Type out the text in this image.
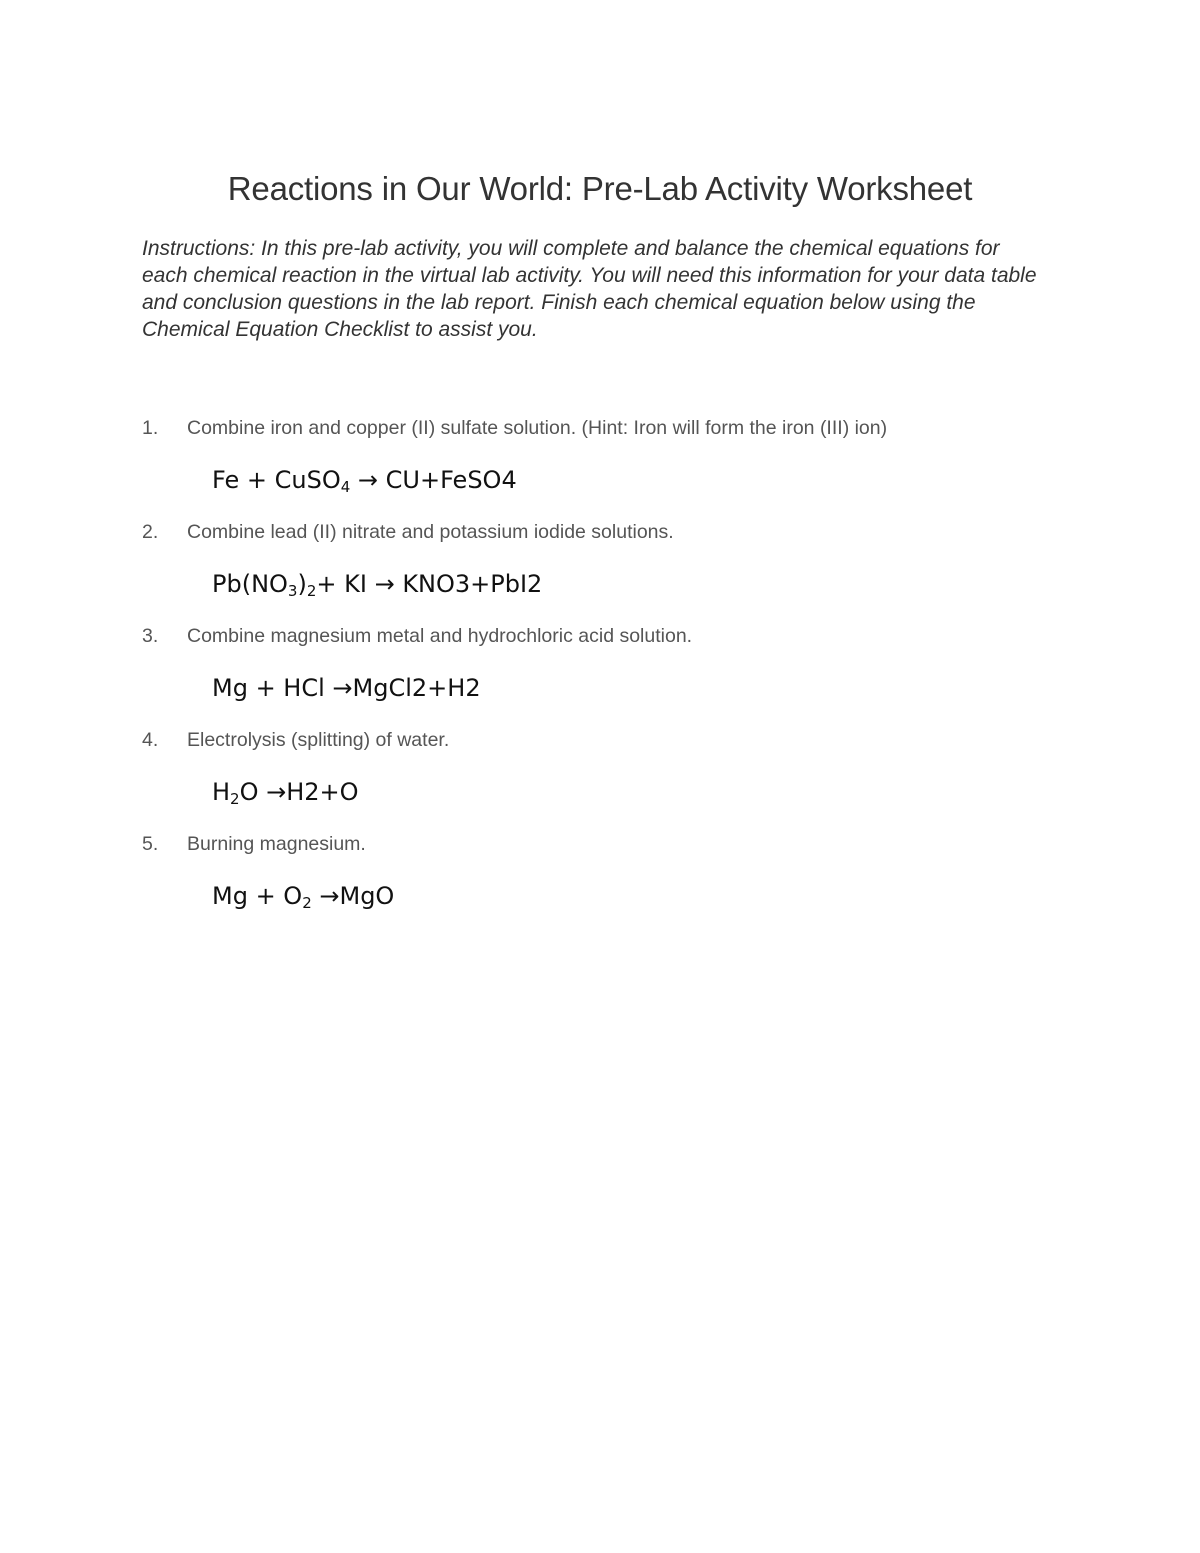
Reactions in Our World: Pre-Lab Activity Worksheet

Instructions: In this pre-lab activity, you will complete and balance the chemical equations for each chemical reaction in the virtual lab activity. You will need this information for your data table and conclusion questions in the lab report. Finish each chemical equation below using the Chemical Equation Checklist to assist you.

1.	Combine iron and copper (II) sulfate solution. (Hint: Iron will form the iron (III) ion)
Fe + CuSO$_4$ → CU+FeSO4
2.	Combine lead (II) nitrate and potassium iodide solutions.
$Pb(NO_3)_2+$ KI → KNO3+PbI2
3.	Combine magnesium metal and hydrochloric acid solution.
Mg + HCl →MgCl2+H2
4.	Electrolysis (splitting) of water.
$H_2O \to H2+O$
5.	Burning magnesium.
$Mg + O_2 \to MgO$
